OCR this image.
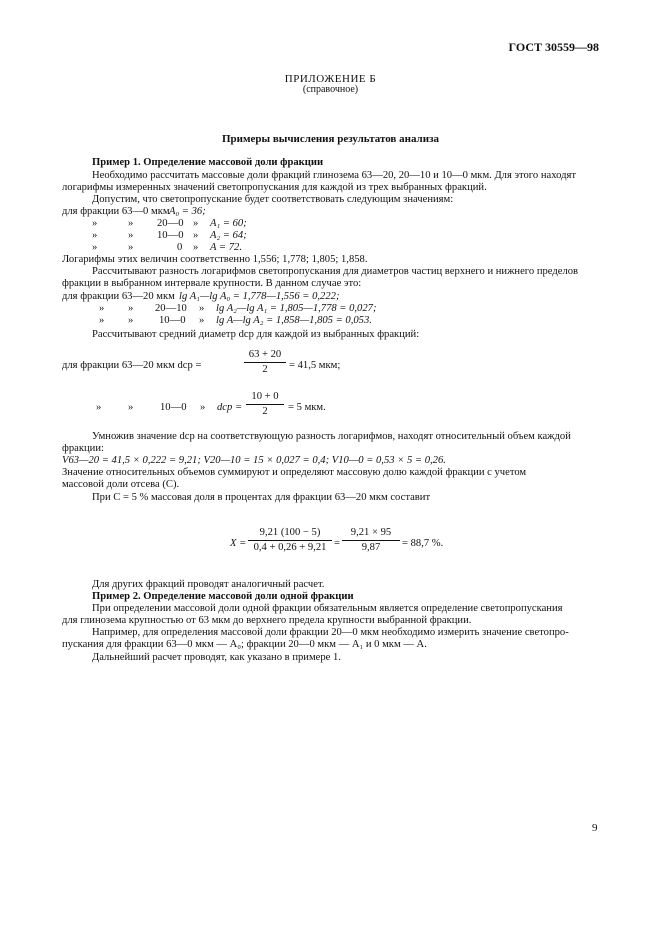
ГОСТ 30559—98
ПРИЛОЖЕНИЕ Б
(справочное)
Примеры вычисления результатов анализа
Пример 1. Определение массовой доли фракции
Необходимо рассчитать массовые доли фракций глинозема 63—20, 20—10 и 10—0 мкм. Для этого находят
логарифмы измеренных значений светопропускания для каждой из трех выбранных фракций.
Допустим, что светопропускание будет соответствовать следующим значениям:
для фракции 63—0 мкм A₀ = 36;
»	» 20—0 » A₁ = 60;
»	» 10—0 » A₂ = 64;
»	»	0 » A = 72.
Логарифмы этих величин соответственно 1,556; 1,778; 1,805; 1,858.
Рассчитывают разность логарифмов светопропускания для диаметров частиц верхнего и нижнего пределов
фракции в выбранном интервале крупности. В данном случае это:
для фракции 63—20 мкм lg A₁—lg A₀ = 1,778—1,556 = 0,222;
» » 20—10 » lg A₂—lg A₁ = 1,805—1,778 = 0,027;
» » 10—0 » lg A—lg A₂ = 1,858—1,805 = 0,053.
Рассчитывают средний диаметр dср для каждой из выбранных фракций:
для фракции 63—20 мкм dср =
63 + 20
2	= 41,5 мкм;
»	»	10—0 » dср =
10 + 0
2	= 5 мкм.
Умножив значение dср на соответствующую разность логарифмов, находят относительный объем каждой
фракции:
V63—20 = 41,5 × 0,222 = 9,21; V20—10 = 15 × 0,027 = 0,4; V10—0 = 0,53 × 5 = 0,26.
Значение относительных объемов суммируют и определяют массовую долю каждой фракции с учетом
массовой доли отсева (C).
При C = 5 % массовая доля в процентах для фракции 63—20 мкм составит
X =
9,21 (100 − 5)
0,4 + 0,26 + 9,21 =
9,21 × 95
9,87	= 88,7 %.
Для других фракций проводят аналогичный расчет.
Пример 2. Определение массовой доли одной фракции
При определении массовой доли одной фракции обязательным является определение светопропускания
для глинозема крупностью от 63 мкм до верхнего предела крупности выбранной фракции.
Например, для определения массовой доли фракции 20—0 мкм необходимо измерить значение светопро-
пускания для фракции 63—0 мкм — A₀; фракции 20—0 мкм — A₁ и 0 мкм — A.
Дальнейший расчет проводят, как указано в примере 1.
9
